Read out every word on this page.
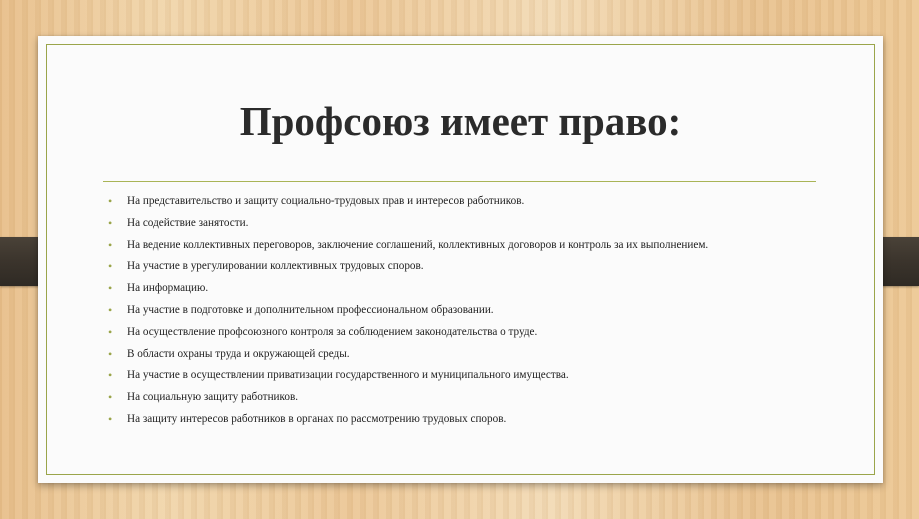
Профсоюз имеет право:
• На представительство и защиту социально-трудовых прав и интересов работников.
• На содействие занятости.
• На ведение коллективных переговоров, заключение соглашений, коллективных договоров и контроль за их выполнением.
• На участие в урегулировании коллективных трудовых споров.
• На информацию.
• На участие в подготовке и дополнительном профессиональном образовании.
• На осуществление профсоюзного контроля за соблюдением законодательства о труде.
• В области охраны труда и окружающей среды.
• На участие в осуществлении приватизации государственного и муниципального имущества.
• На социальную защиту работников.
• На защиту интересов работников в органах по рассмотрению трудовых споров.
